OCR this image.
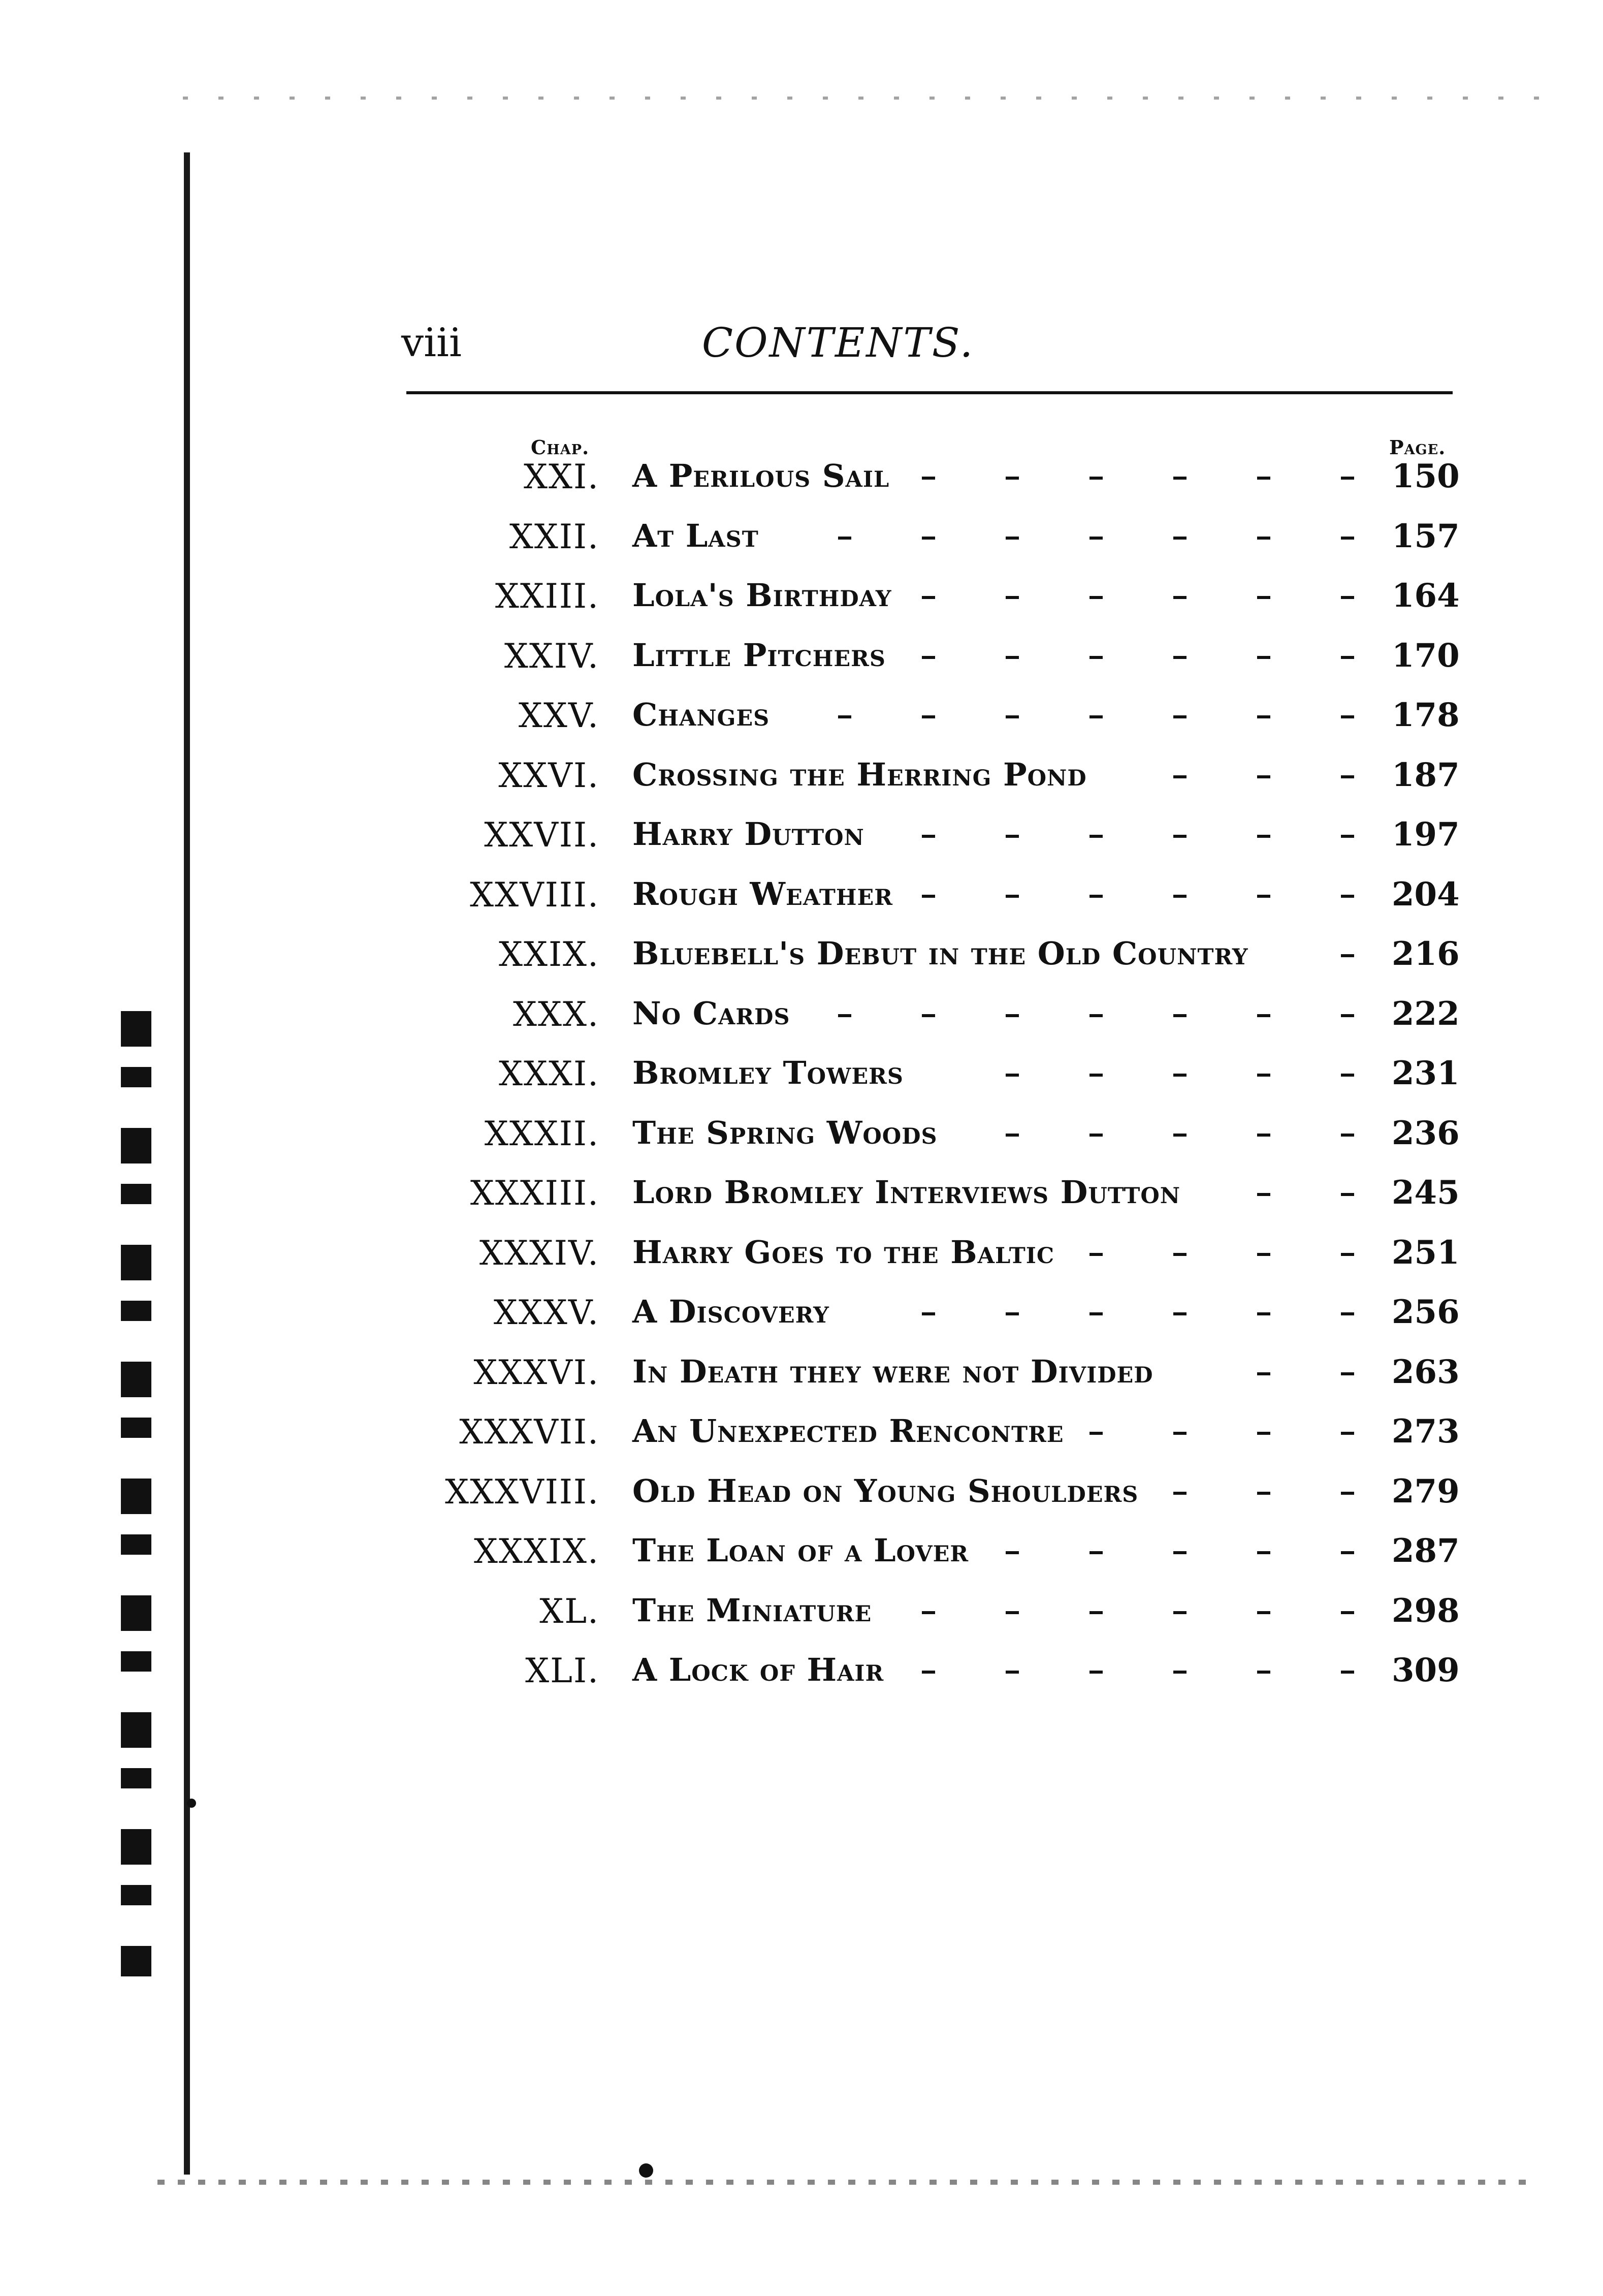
viii	CONTENTS.
Chap.	Page.
XXI. A Perilous Sail	150
XXII. At Last	157
XXIII. Lola's Birthday	164
XXIV. Little Pitchers	170
XXV. Changes	178
XXVI. Crossing the Herring Pond	187
XXVII. Harry Dutton	197
XXVIII. Rough Weather	204
XXIX. Bluebell's Debut in the Old Country	216
XXX. No Cards	222
XXXI. Bromley Towers	231
XXXII. The Spring Woods	236
XXXIII. Lord Bromley Interviews Dutton	245
XXXIV. Harry Goes to the Baltic	251
XXXV. A Discovery	256
XXXVI. In Death they were not Divided	263
XXXVII. An Unexpected Rencontre	273
XXXVIII. Old Head on Young Shoulders	279
XXXIX. The Loan of a Lover	287
XL. The Miniature	298
XLI. A Lock of Hair	309
